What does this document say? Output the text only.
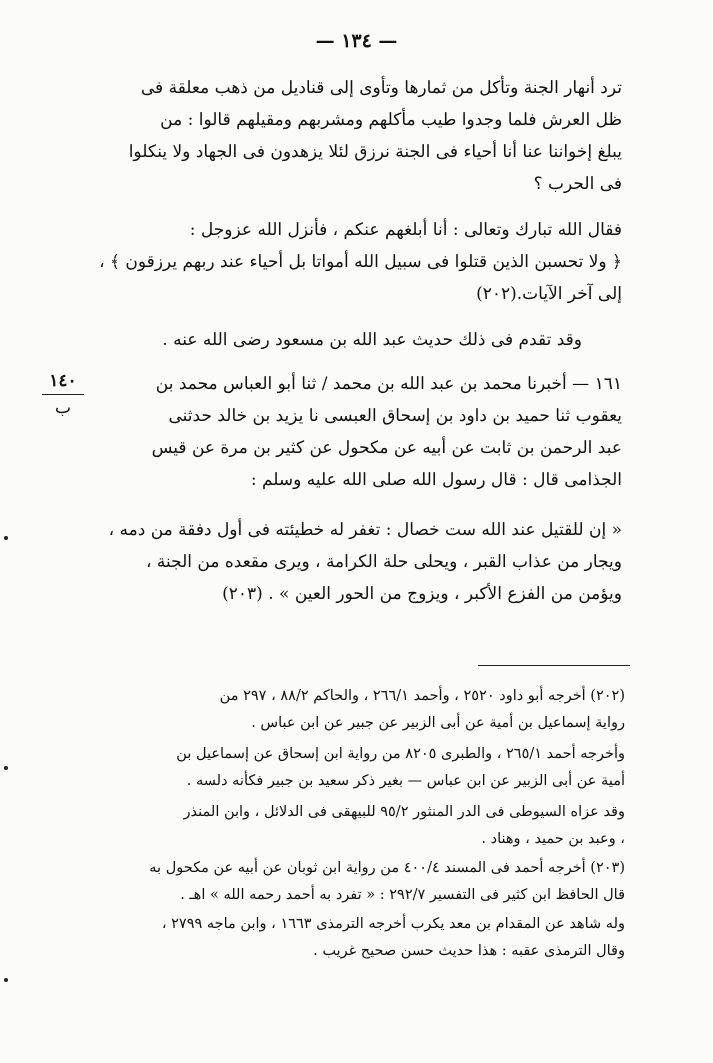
— ١٣٤ —
١٤٠
ب
ترد أنهار الجنة وتأكل من ثمارها وتأوى إلى قناديل من ذهب معلقة فى
ظل العرش فلما وجدوا طيب مأكلهم ومشربهم ومقيلهم قالوا : من
يبلغ إخواننا عنا أنا أحياء فى الجنة نرزق لئلا يزهدون فى الجهاد ولا ينكلوا
فى الحرب ؟
فقال الله تبارك وتعالى : أنا أبلغهم عنكم ، فأنزل الله عزوجل :
﴿ ولا تحسبن الذين قتلوا فى سبيل الله أمواتا بل أحياء عند ربهم يرزقون ﴾ ،
إلى آخر الآيات.(٢٠٢)
وقد تقدم فى ذلك حديث عبد الله بن مسعود رضى الله عنه .
١٦١ — أخبرنا محمد بن عبد الله بن محمد / ثنا أبو العباس محمد بن
يعقوب ثنا حميد بن داود بن إسحاق العبسى نا يزيد بن خالد حدثنى
عبد الرحمن بن ثابت عن أبيه عن مكحول عن كثير بن مرة عن قيس
الجذامى قال : قال رسول الله صلى الله عليه وسلم :
« إن للقتيل عند الله ست خصال : تغفر له خطيئته فى أول دفقة من دمه ،
ويجار من عذاب القبر ، ويحلى حلة الكرامة ، ويرى مقعده من الجنة ،
ويؤمن من الفزع الأكبر ، ويزوج من الحور العين » . (٢٠٣)
(٢٠٢) أخرجه أبو داود ٢٥٢٠ ، وأحمد ٢٦٦/١ ، والحاكم ٨٨/٢ ، ٢٩٧ من
رواية إسماعيل بن أمية عن أبى الزبير عن جبير عن ابن عباس .
وأخرجه أحمد ٢٦٥/١ ، والطبرى ٨٢٠٥ من رواية ابن إسحاق عن إسماعيل بن
أمية عن أبى الزبير عن ابن عباس — بغير ذكر سعيد بن جبير فكأنه دلسه .
وقد عزاه السيوطى فى الدر المنثور ٩٥/٢ للبيهقى فى الدلائل ، وابن المنذر
، وعبد بن حميد ، وهناد .
(٢٠٣) أخرجه أحمد فى المسند ٤٠٠/٤ من رواية ابن ثوبان عن أبيه عن مكحول به
قال الحافظ ابن كثير فى التفسير ٢٩٢/٧ : « تفرد به أحمد رحمه الله » اهـ .
وله شاهد عن المقدام بن معد يكرب أخرجه الترمذى ١٦٦٣ ، وابن ماجه ٢٧٩٩ ،
وقال الترمذى عقبه : هذا حديث حسن صحيح غريب .
